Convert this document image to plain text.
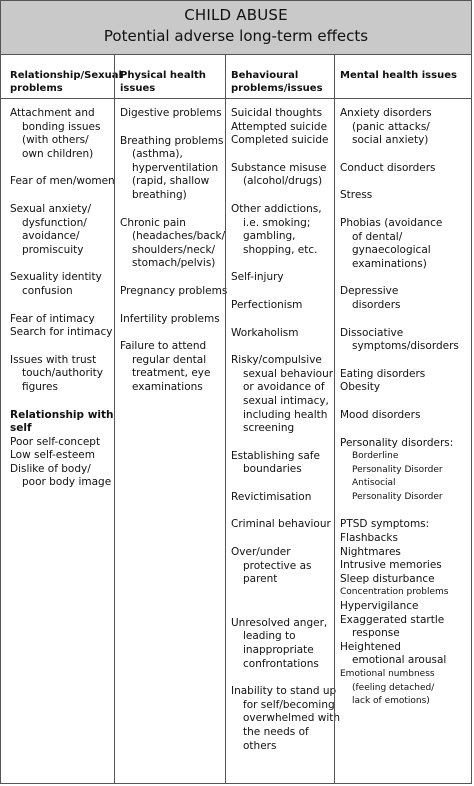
CHILD ABUSE
Potential adverse long-term effects
Relationship/Sexual
problems
Attachment and
bonding issues
(with others/
own children)
Fear of men/women
Sexual anxiety/
dysfunction/
avoidance/
promiscuity
Sexuality identity
confusion
Fear of intimacy
Search for intimacy
Issues with trust
touch/authority
figures
Relationship with
self
Poor self-concept
Low self-esteem
Dislike of body/
poor body image
Physical health
issues
Digestive problems
Breathing problems
(asthma),
hyperventilation
(rapid, shallow
breathing)
Chronic pain
(headaches/back/
shoulders/neck/
stomach/pelvis)
Pregnancy problems
Infertility problems
Failure to attend
regular dental
treatment, eye
examinations
Behavioural
problems/issues
Suicidal thoughts
Attempted suicide
Completed suicide
Substance misuse
(alcohol/drugs)
Other addictions,
i.e. smoking;
gambling,
shopping, etc.
Self-injury
Perfectionism
Workaholism
Risky/compulsive
sexual behaviour
or avoidance of
sexual intimacy,
including health
screening
Establishing safe
boundaries
Revictimisation
Criminal behaviour
Over/under
protective as
parent
Unresolved anger,
leading to
inappropriate
confrontations
Inability to stand up
for self/becoming
overwhelmed with
the needs of
others
Mental health issues
Anxiety disorders
(panic attacks/
social anxiety)
Conduct disorders
Stress
Phobias (avoidance
of dental/
gynaecological
examinations)
Depressive
disorders
Dissociative
symptoms/disorders
Eating disorders
Obesity
Mood disorders
Personality disorders:
Borderline
Personality Disorder
Antisocial
Personality Disorder
PTSD symptoms:
Flashbacks
Nightmares
Intrusive memories
Sleep disturbance
Concentration problems
Hypervigilance
Exaggerated startle
response
Heightened
emotional arousal
Emotional numbness
(feeling detached/
lack of emotions)
